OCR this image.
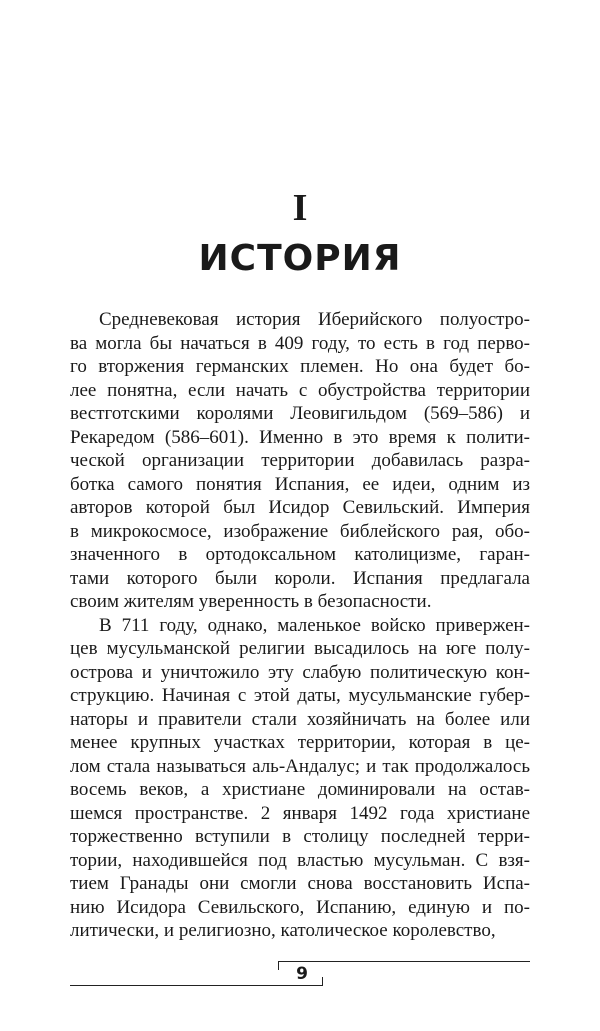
I
ИСТОРИЯ
Средневековая история Иберийского полуостро-
ва могла бы начаться в 409 году, то есть в год перво-
го вторжения германских племен. Но она будет бо-
лее понятна, если начать с обустройства территории
вестготскими королями Леовигильдом (569–586) и
Рекаредом (586–601). Именно в это время к полити-
ческой организации территории добавилась разра-
ботка самого понятия Испания, ее идеи, одним из
авторов которой был Исидор Севильский. Империя
в микрокосмосе, изображение библейского рая, обо-
значенного в ортодоксальном католицизме, гаран-
тами которого были короли. Испания предлагала
своим жителям уверенность в безопасности.
В 711 году, однако, маленькое войско привержен-
цев мусульманской религии высадилось на юге полу-
острова и уничтожило эту слабую политическую кон-
струкцию. Начиная с этой даты, мусульманские губер-
наторы и правители стали хозяйничать на более или
менее крупных участках территории, которая в це-
лом стала называться аль-Андалус; и так продолжалось
восемь веков, а христиане доминировали на остав-
шемся пространстве. 2 января 1492 года христиане
торжественно вступили в столицу последней терри-
тории, находившейся под властью мусульман. С взя-
тием Гранады они смогли снова восстановить Испа-
нию Исидора Севильского, Испанию, единую и по-
литически, и религиозно, католическое королевство,
9
